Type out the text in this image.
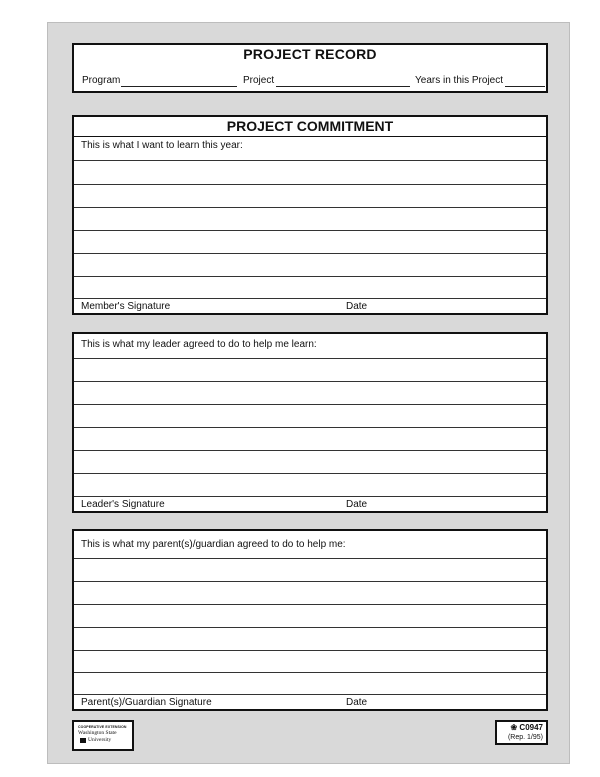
PROJECT RECORD
Program	Project	Years in this Project
PROJECT COMMITMENT
This is what I want to learn this year:
Member's Signature	Date
This is what my leader agreed to do to help me learn:
Leader's Signature	Date
This is what my parent(s)/guardian agreed to do to help me:
Parent(s)/Guardian Signature	Date
COOPERATIVE EXTENSION
Washington State
University
❀ C0947
(Rep. 1/95)
